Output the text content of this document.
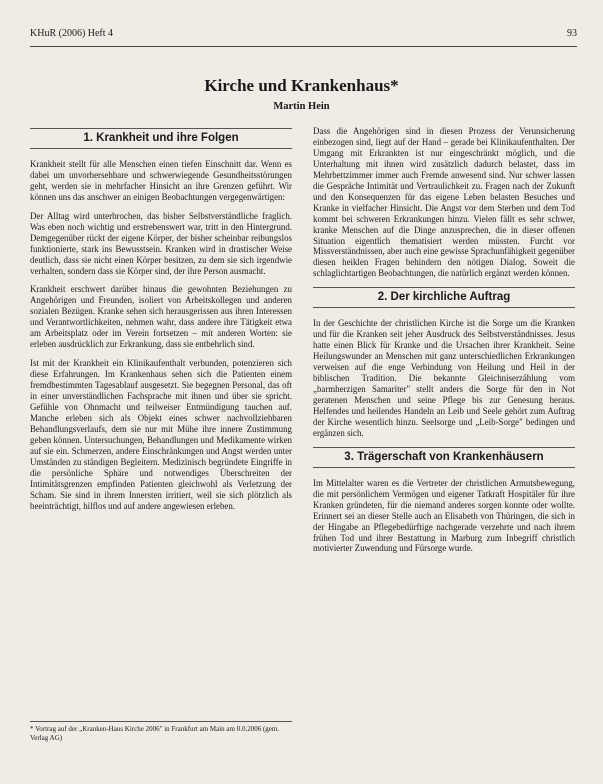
KHuR (2006) Heft 4	93
Kirche und Krankenhaus*
Martin Hein
1. Krankheit und ihre Folgen

Krankheit stellt für alle Menschen einen tiefen Einschnitt dar. Wenn es dabei um unvorhersehbare und schwerwiegende Gesundheitsstörungen geht, werden sie in mehrfacher Hinsicht an ihre Grenzen geführt. Wir können uns das anschwer an einigen Beobachtungen vergegenwärtigen:

Der Alltag wird unterbrochen, das bisher Selbstverständliche fraglich. Was eben noch wichtig und erstrebenswert war, tritt in den Hintergrund. Demgegenüber rückt der eigene Körper, der bisher scheinbar reibungslos funktionierte, stark ins Bewusstsein. Kranken wird in drastischer Weise deutlich, dass sie nicht einen Körper besitzen, zu dem sie sich irgendwie verhalten, sondern dass sie Körper sind, der ihre Person ausmacht.

Krankheit erschwert darüber hinaus die gewohnten Beziehungen zu Angehörigen und Freunden, isoliert von Arbeitskollegen und anderen sozialen Bezügen. Kranke sehen sich herausgerissen aus ihren Interessen und Verantwortlichkeiten, nehmen wahr, dass andere ihre Tätigkeit etwa am Arbeitsplatz oder im Verein fortsetzen – mit anderen Worten: sie erleben ausdrücklich zur Erkrankung, dass sie entbehrlich sind.

Ist mit der Krankheit ein Klinikaufenthalt verbunden, potenzieren sich diese Erfahrungen. Im Krankenhaus sehen sich die Patienten einem fremdbestimmten Tagesablauf ausgesetzt. Sie begegnen Personal, das oft in einer unverständlichen Fachsprache mit ihnen und über sie spricht. Gefühle von Ohnmacht und teilweiser Entmündigung tauchen auf. Manche erleben sich als Objekt eines schwer nachvollziehbaren Behandlungsverlaufs, dem sie nur mit Mühe ihre innere Zustimmung geben können. Untersuchungen, Behandlungen und Medikamente wirken auf sie ein. Schmerzen, andere Einschränkungen und Angst werden unter Umständen zu ständigen Begleitern. Medizinisch begründete Eingriffe in die persönliche Sphäre und notwendiges Überschreiten der Intimitätsgrenzen empfinden Patienten gleichwohl als Verletzung der Scham. Sie sind in ihrem Innersten irritiert, weil sie sich plötzlich als beeinträchtigt, hilflos und auf andere angewiesen erleben.

* Vortrag auf der „Kranken-Haus Kirche 2006" in Frankfurt am Main am 0.0.2006 (gem. Verlag AG)

Dass die Angehörigen sind in diesen Prozess der Verunsicherung einbezogen sind, liegt auf der Hand – gerade bei Klinikaufenthalten. Der Umgang mit Erkrankten ist nur eingeschränkt möglich, und die Unterhaltung mit ihnen wird zusätzlich dadurch belastet, dass im Mehrbettzimmer immer auch Fremde anwesend sind. Nur schwer lassen die Gespräche Intimität und Vertraulichkeit zu. Fragen nach der Zukunft und den Konsequenzen für das eigene Leben belasten Besuches und Kranke in vielfacher Hinsicht. Die Angst vor dem Sterben und dem Tod kommt bei schweren Erkrankungen hinzu. Vielen fällt es sehr schwer, kranke Menschen auf die Dinge anzusprechen, die in dieser offenen Situation eigentlich thematisiert werden müssten. Furcht vor Missverständnissen, aber auch eine gewisse Sprachunfähigkeit gegenüber diesen heiklen Fragen behindern den nötigen Dialog. Soweit die schlaglichtartigen Beobachtungen, die natürlich ergänzt werden können.

2. Der kirchliche Auftrag

In der Geschichte der christlichen Kirche ist die Sorge um die Kranken und für die Kranken seit jeher Ausdruck des Selbstverständnisses. Jesus hatte einen Blick für Kranke und die Ursachen ihrer Krankheit. Seine Heilungswunder an Menschen mit ganz unterschiedlichen Erkrankungen verweisen auf die enge Verbindung von Heilung und Heil in der biblischen Tradition. Die bekannte Gleichniserzählung vom „barmherzigen Samariter" stellt anders die Sorge für den in Not geratenen Menschen und seine Pflege bis zur Genesung heraus. Helfendes und heilendes Handeln an Leib und Seele gehört zum Auftrag der Kirche wesentlich hinzu. Seelsorge und „Leib-Sorge" bedingen und ergänzen sich.

3. Trägerschaft von Krankenhäusern

Im Mittelalter waren es die Vertreter der christlichen Armutsbewegung, die mit persönlichem Vermögen und eigener Tatkraft Hospitäler für ihre Kranken gründeten, für die niemand anderes sorgen konnte oder wollte. Erinnert sei an dieser Stelle auch an Elisabeth von Thüringen, die sich in der Hingabe an Pflegebedürftige nachgerade verzehrte und nach ihrem frühen Tod und ihrer Bestattung in Marburg zum Inbegriff christlich motivierter Zuwendung und Fürsorge wurde.
